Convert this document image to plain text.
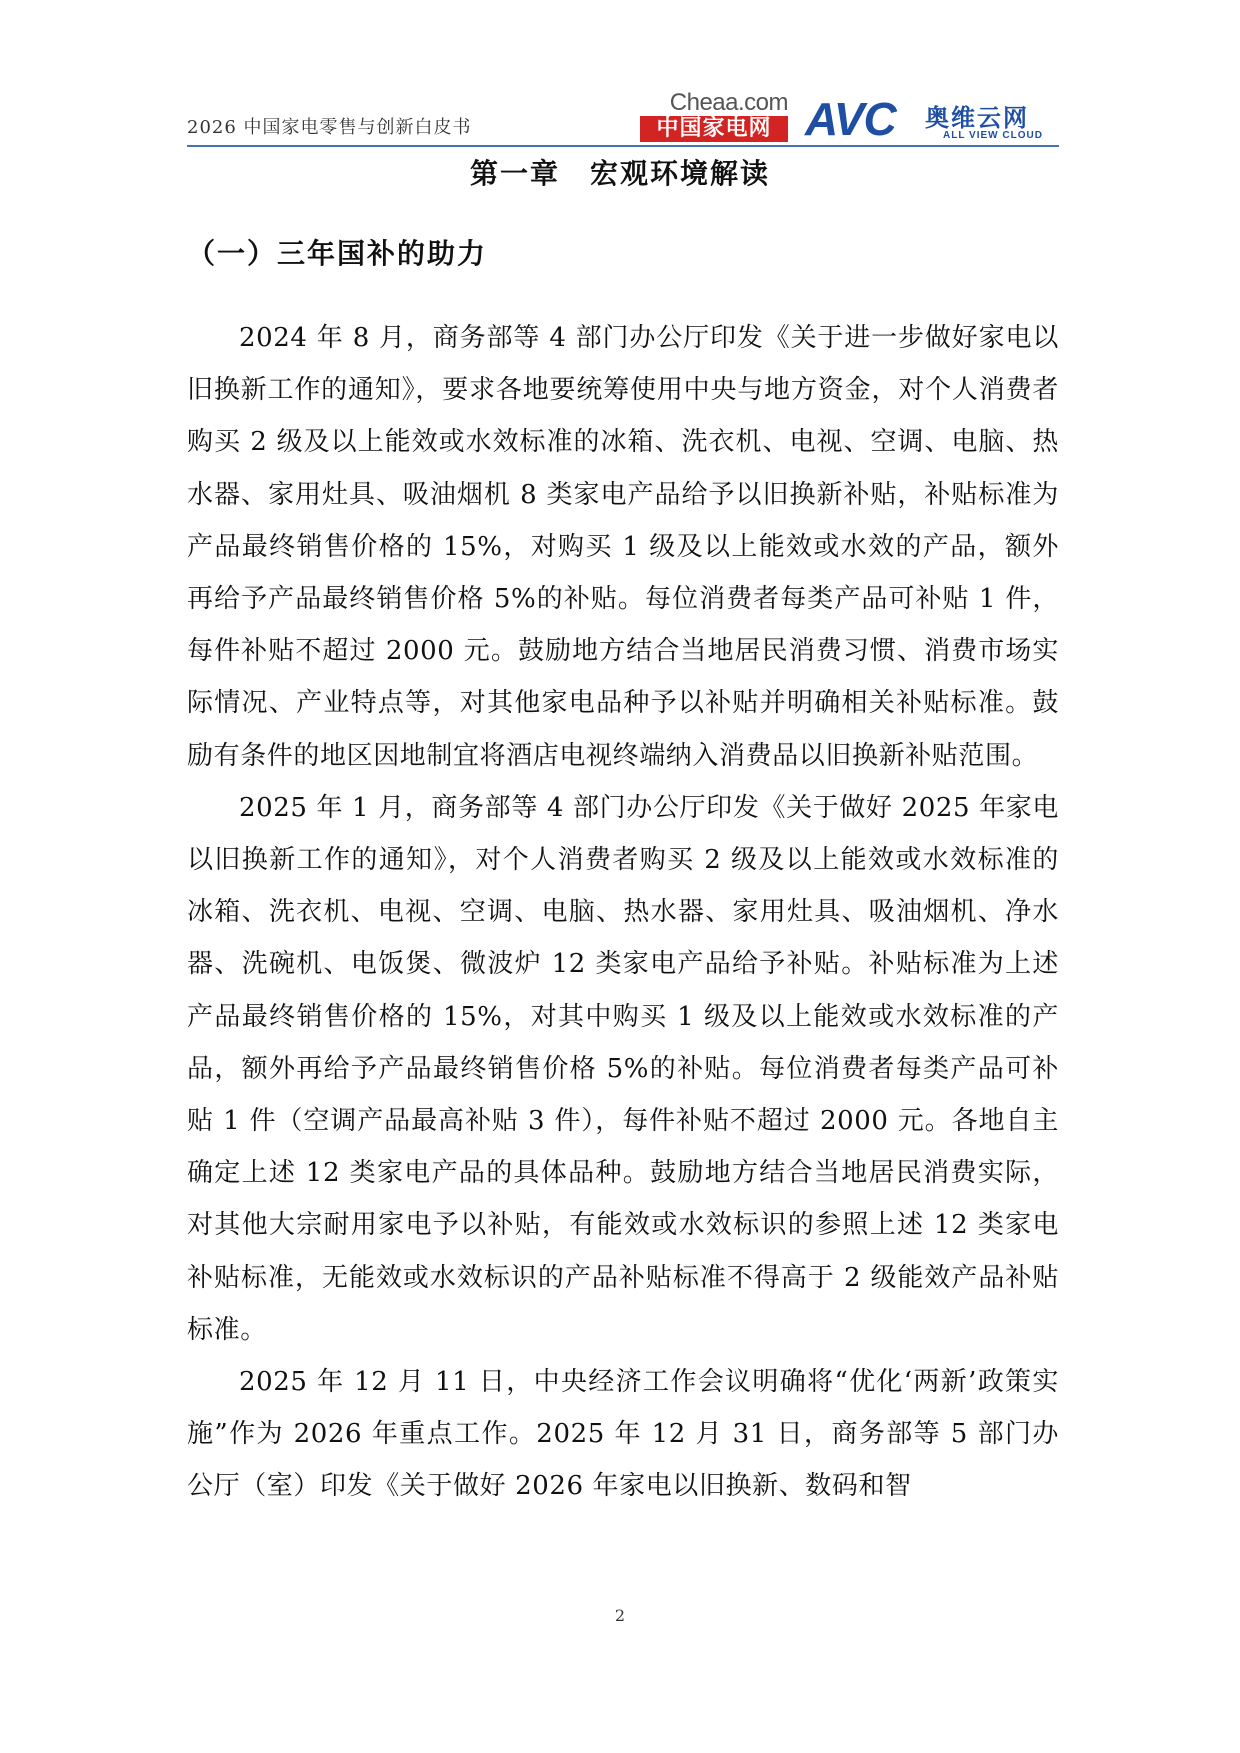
2026 中国家电零售与创新白皮书
Cheaa.com
中国家电网 AVC 奥维云网
ALL VIEW CLOUD
第一章　宏观环境解读
（一）三年国补的助力

2024 年 8 月，商务部等 4 部门办公厅印发《关于进一步做好家电以旧换新工作的通知》，要求各地要统筹使用中央与地方资金，对个人消费者购买 2 级及以上能效或水效标准的冰箱、洗衣机、电视、空调、电脑、热水器、家用灶具、吸油烟机 8 类家电产品给予以旧换新补贴，补贴标准为产品最终销售价格的 15%，对购买 1 级及以上能效或水效的产品，额外再给予产品最终销售价格 5%的补贴。每位消费者每类产品可补贴 1 件，每件补贴不超过 2000 元。鼓励地方结合当地居民消费习惯、消费市场实际情况、产业特点等，对其他家电品种予以补贴并明确相关补贴标准。鼓励有条件的地区因地制宜将酒店电视终端纳入消费品以旧换新补贴范围。

2025 年 1 月，商务部等 4 部门办公厅印发《关于做好 2025 年家电以旧换新工作的通知》，对个人消费者购买 2 级及以上能效或水效标准的冰箱、洗衣机、电视、空调、电脑、热水器、家用灶具、吸油烟机、净水器、洗碗机、电饭煲、微波炉 12 类家电产品给予补贴。补贴标准为上述产品最终销售价格的 15%，对其中购买 1 级及以上能效或水效标准的产品，额外再给予产品最终销售价格 5%的补贴。每位消费者每类产品可补贴 1 件（空调产品最高补贴 3 件），每件补贴不超过 2000 元。各地自主确定上述 12 类家电产品的具体品种。鼓励地方结合当地居民消费实际，对其他大宗耐用家电予以补贴，有能效或水效标识的参照上述 12 类家电补贴标准，无能效或水效标识的产品补贴标准不得高于 2 级能效产品补贴标准。

2025 年 12 月 11 日，中央经济工作会议明确将“优化‘两新’政策实施”作为 2026 年重点工作。2025 年 12 月 31 日，商务部等 5 部门办公厅（室）印发《关于做好 2026 年家电以旧换新、数码和智

2
